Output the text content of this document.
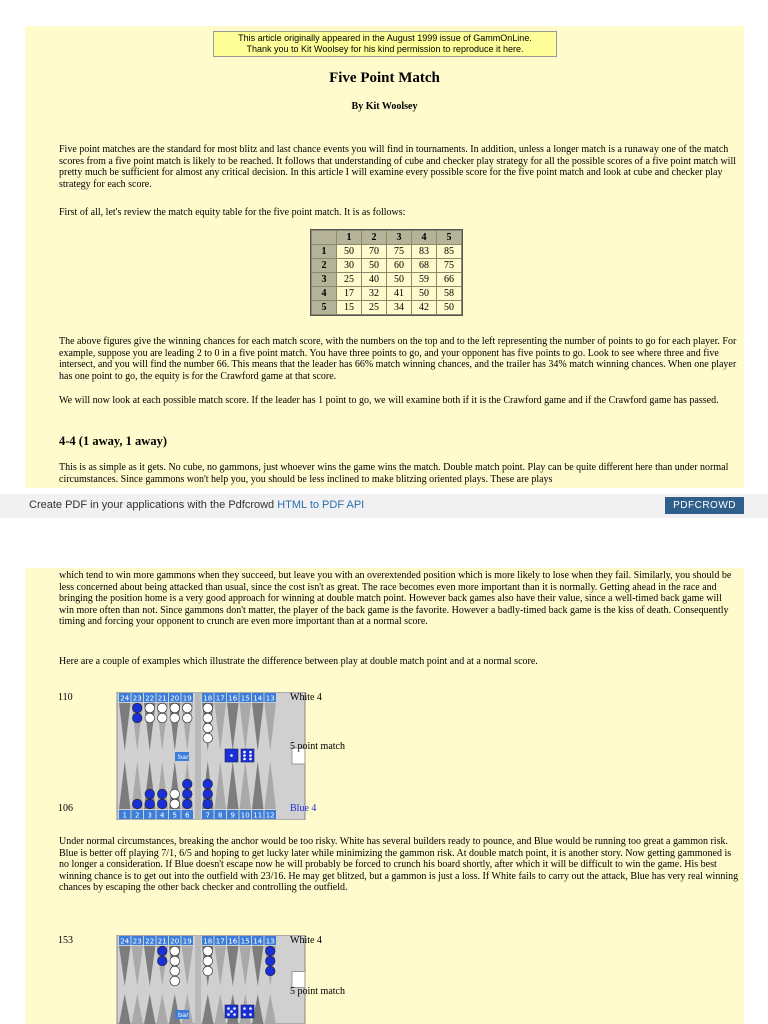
This article originally appeared in the August 1999 issue of GammOnLine.
Thank you to Kit Woolsey for his kind permission to reproduce it here.
Five Point Match
By Kit Woolsey

Five point matches are the standard for most blitz and last chance events you will find in tournaments. In addition, unless a longer match is a runaway one of the match scores from a five point match is likely to be reached. It follows that understanding of cube and checker play strategy for all the possible scores of a five point match will pretty much be sufficient for almost any critical decision. In this article I will examine every possible score for the five point match and look at cube and checker play strategy for each score.

First of all, let's review the match equity table for the five point match. It is as follows:

	1	2	3	4	5
1	50	70	75	83	85
2	30	50	60	68	75
3	25	40	50	59	66
4	17	32	41	50	58
5	15	25	34	42	50

The above figures give the winning chances for each match score, with the numbers on the top and to the left representing the number of points to go for each player. For example, suppose you are leading 2 to 0 in a five point match. You have three points to go, and your opponent has five points to go. Look to see where three and five intersect, and you will find the number 66. This means that the leader has 66% match winning chances, and the trailer has 34% match winning chances. When one player has one point to go, the equity is for the Crawford game at that score.

We will now look at each possible match score. If the leader has 1 point to go, we will examine both if it is the Crawford game and if the Crawford game has passed.

4-4 (1 away, 1 away)

This is as simple as it gets. No cube, no gammons, just whoever wins the game wins the match. Double match point. Play can be quite different here than under normal circumstances. Since gammons won't help you, you should be less inclined to make blitzing oriented plays. These are plays

Create PDF in your applications with the Pdfcrowd HTML to PDF API	PDFCROWD

which tend to win more gammons when they succeed, but leave you with an overextended position which is more likely to lose when they fail. Similarly, you should be less concerned about being attacked than usual, since the cost isn't as great. The race becomes even more important than it is normally. Getting ahead in the race and bringing the position home is a very good approach for winning at double match point. However back games also have their value, since a well-timed back game will win more often than not. Since gammons don't matter, the player of the back game is the favorite. However a badly-timed back game is the kiss of death. Consequently timing and forcing your opponent to crunch are even more important than at a normal score.

Here are a couple of examples which illustrate the difference between play at double match point and at a normal score.

110	24 23 22 21 20 19 18 17 16 15 14 13
1 2 3 4 5 6 7 8 9 10 11 12
bar
White 4
5 point match
106	Blue 4

Under normal circumstances, breaking the anchor would be too risky. White has several builders ready to pounce, and Blue would be running too great a gammon risk. Blue is better off playing 7/1, 6/5 and hoping to get lucky later while minimizing the gammon risk. At double match point, it is another story. Now getting gammoned is no longer a consideration. If Blue doesn't escape now he will probably be forced to crunch his board shortly, after which it will be difficult to win the game. His best winning chance is to get out into the outfield with 23/16. He may get blitzed, but a gammon is just a loss. If White fails to carry out the attack, Blue has very real winning chances by escaping the other back checker and controlling the outfield.

153	24 23 22 21 20 19 18 17 16 15 14 13
bar
White 4
5 point match
